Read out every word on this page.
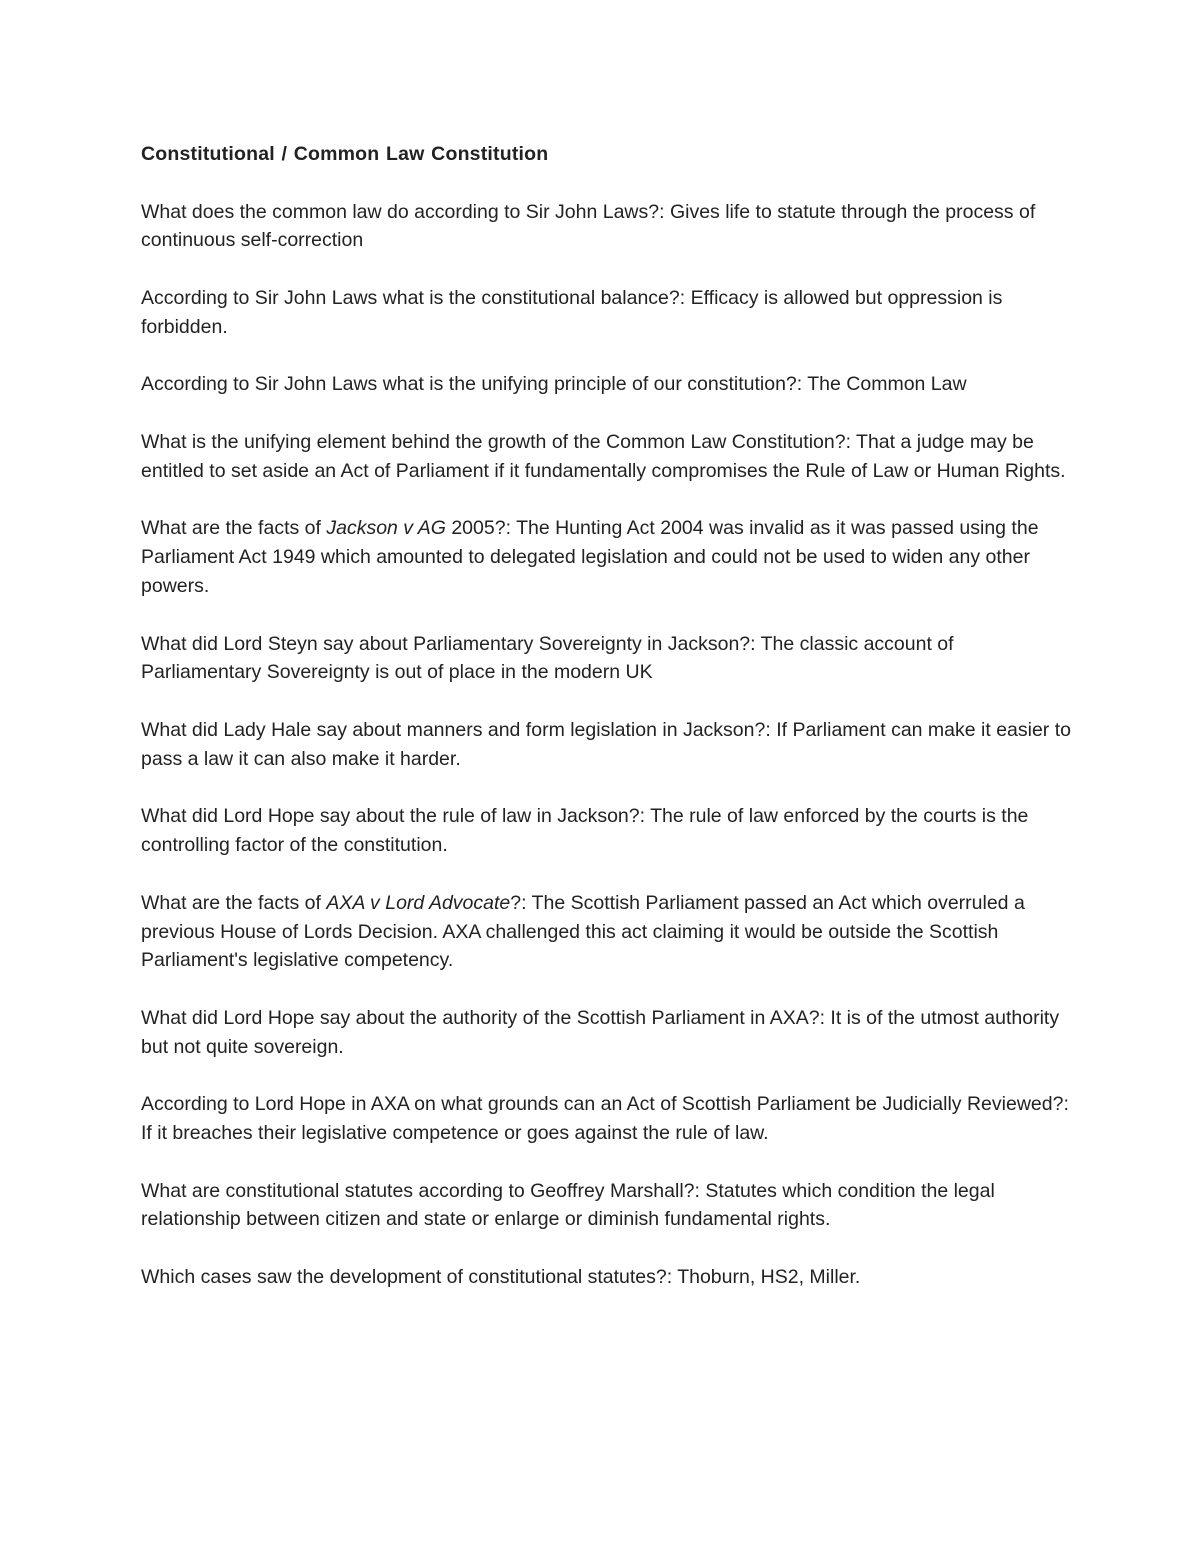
Constitutional / Common Law Constitution

What does the common law do according to Sir John Laws?: Gives life to statute through the process of continuous self-correction

According to Sir John Laws what is the constitutional balance?: Efficacy is allowed but oppression is forbidden.

According to Sir John Laws what is the unifying principle of our constitution?: The Common Law

What is the unifying element behind the growth of the Common Law Constitution?: That a judge may be entitled to set aside an Act of Parliament if it fundamentally compromises the Rule of Law or Human Rights.

What are the facts of Jackson v AG 2005?: The Hunting Act 2004 was invalid as it was passed using the Parliament Act 1949 which amounted to delegated legislation and could not be used to widen any other powers.

What did Lord Steyn say about Parliamentary Sovereignty in Jackson?: The classic account of Parliamentary Sovereignty is out of place in the modern UK

What did Lady Hale say about manners and form legislation in Jackson?: If Parliament can make it easier to pass a law it can also make it harder.

What did Lord Hope say about the rule of law in Jackson?: The rule of law enforced by the courts is the controlling factor of the constitution.

What are the facts of AXA v Lord Advocate?: The Scottish Parliament passed an Act which overruled a previous House of Lords Decision. AXA challenged this act claiming it would be outside the Scottish Parliament's legislative competency.

What did Lord Hope say about the authority of the Scottish Parliament in AXA?: It is of the utmost authority but not quite sovereign.

According to Lord Hope in AXA on what grounds can an Act of Scottish Parliament be Judicially Reviewed?: If it breaches their legislative competence or goes against the rule of law.

What are constitutional statutes according to Geoffrey Marshall?: Statutes which condition the legal relationship between citizen and state or enlarge or diminish fundamental rights.

Which cases saw the development of constitutional statutes?: Thoburn, HS2, Miller.
